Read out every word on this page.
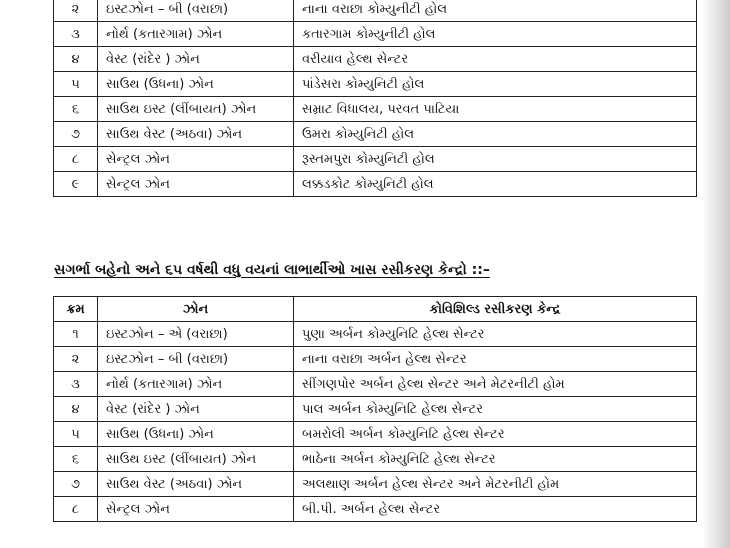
૨	ઇસ્ટઝોન – બી (વરાછા)	નાના વરાછા કોમ્યુનીટી હોલ
૩	નોર્થ (કતારગામ) ઝોન	કતારગામ કોમ્યુનીટી હોલ
૪	વેસ્ટ (રાંદેર ) ઝોન	વરીયાવ હેલ્થ સેન્ટર
૫	સાઉથ (ઉધના) ઝોન	પાંડેસરા કોમ્યુનિટી હોલ
૬	સાઉથ ઇસ્ટ (લીંબાયત) ઝોન	સમ્રાટ વિધાલય, પરવત પાટિયા
૭	સાઉથ વેસ્ટ (અઠવા) ઝોન	ઉમરા કોમ્યુનિટી હોલ
૮	સેન્ટ્રલ ઝોન	રૂસ્તમપુરા કોમ્યુનિટી હોલ
૯	સેન્ટ્રલ ઝોન	લક્કડકોટ કોમ્યુનિટી હોલ
સગર્ભા બહેનો અને ૬૫ વર્ષથી વધુ વયનાં લાભાર્થીઓ ખાસ રસીકરણ કેન્દ્રો ::–
ક્રમ	ઝોન	કોવિશિલ્ડ રસીકરણ કેન્દ્ર
૧	ઇસ્ટઝોન – એ (વરાછા)	પુણા અર્બન કોમ્યુનિટિ હેલ્થ સેન્ટર
૨	ઇસ્ટઝોન – બી (વરાછા)	નાના વરાછા અર્બન હેલ્થ સેન્ટર
૩	નોર્થ (કતારગામ) ઝોન	સીંગણપોર અર્બન હેલ્થ સેન્ટર અને મેટરનીટી હોમ
૪	વેસ્ટ (રાંદેર ) ઝોન	પાલ અર્બન કોમ્યુનિટિ હેલ્થ સેન્ટર
૫	સાઉથ (ઉધના) ઝોન	બમરોલી અર્બન કોમ્યુનિટિ હેલ્થ સેન્ટર
૬	સાઉથ ઇસ્ટ (લીંબાયત) ઝોન	ભાઠેના અર્બન કોમ્યુનિટિ હેલ્થ સેન્ટર
૭	સાઉથ વેસ્ટ (અઠવા) ઝોન	અલથાણ અર્બન હેલ્થ સેન્ટર અને મેટરનીટી હોમ
૮	સેન્ટ્રલ ઝોન	બી.પી. અર્બન હેલ્થ સેન્ટર
